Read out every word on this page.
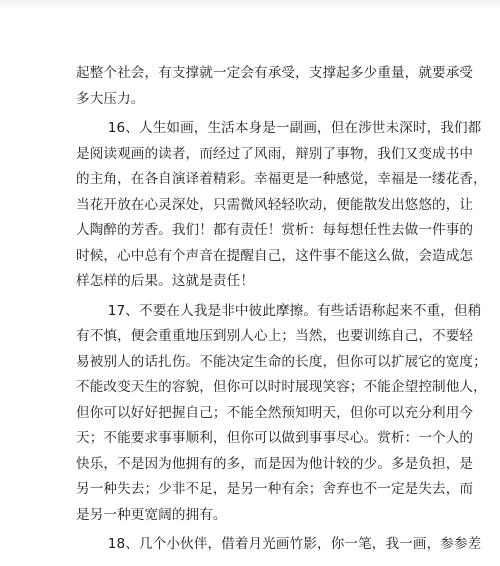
起整个社会，有支撑就一定会有承受，支撑起多少重量，就要承受
多大压力。
　　 16、人生如画，生活本身是一副画，但在涉世未深时，我们都
是阅读观画的读者，而经过了风雨，辩别了事物，我们又变成书中
的主角，在各自演译着精彩。幸福更是一种感觉，幸福是一缕花香，
当花开放在心灵深处，只需微风轻轻吹动，便能散发出悠悠的，让
人陶醉的芳香。我们！都有责任！赏析：每每想任性去做一件事的
时候，心中总有个声音在提醒自己，这件事不能这么做，会造成怎
样怎样的后果。这就是责任！
　　 17、不要在人我是非中彼此摩擦。有些话语称起来不重，但稍
有不慎，便会重重地压到别人心上；当然，也要训练自己，不要轻
易被别人的话扎伤。不能决定生命的长度，但你可以扩展它的宽度；
不能改变天生的容貌，但你可以时时展现笑容；不能企望控制他人，
但你可以好好把握自己；不能全然预知明天，但你可以充分利用今
天；不能要求事事顺利，但你可以做到事事尽心。赏析：一个人的
快乐，不是因为他拥有的多，而是因为他计较的少。多是负担，是
另一种失去；少非不足，是另一种有余；舍弃也不一定是失去，而
是另一种更宽阔的拥有。
　　 18、几个小伙伴，借着月光画竹影，你一笔，我一画，参参差
